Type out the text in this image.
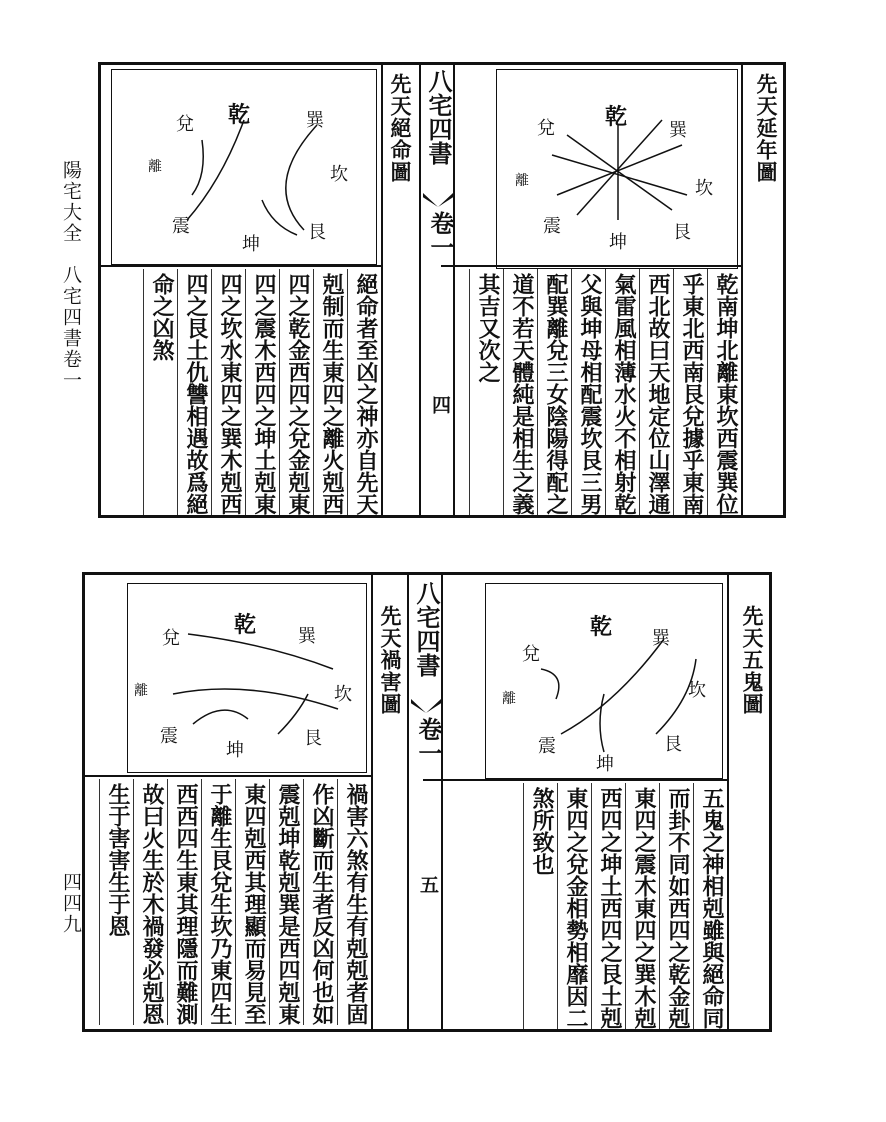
陽宅大全　八宅四書卷一
四四九
先天延年圖
乾
巽
坎
艮
坤
震
離
兌
乾南坤北離東坎西震巽位
乎東北西南艮兌據乎東南
西北故曰天地定位山澤通
氣雷風相薄水火不相射乾
父與坤母相配震坎艮三男
配巽離兌三女陰陽得配之
道不若天體純是相生之義
其吉又次之
八宅四書
卷一
四
先天絕命圖
乾	巽
坎
艮
坤
震
離
兌
絕命者至凶之神亦自先天
剋制而生東四之離火剋西
四之乾金西四之兌金剋東
四之震木西四之坤土剋東
四之坎水東四之巽木剋西
四之艮土仇讐相遇故爲絕
命之凶煞
先天五鬼圖
乾 巽
坎
艮
坤
震
離
兌
五鬼之神相剋雖與絕命同
而卦不同如西四之乾金剋
東四之震木東四之巽木剋
西四之坤土西四之艮土剋
東四之兌金相勢相靡因二
煞所致也
八宅四書
卷一
五
先天禍害圖
乾 巽
坎
艮
坤
震
離
兌
禍害六煞有生有剋剋者固
作凶斷而生者反凶何也如
震剋坤乾剋巽是西四剋東
東四剋西其理顯而易見至
于離生艮兌生坎乃東四生
西西四生東其理隱而難測
故曰火生於木禍發必剋恩
生于害害生于恩
